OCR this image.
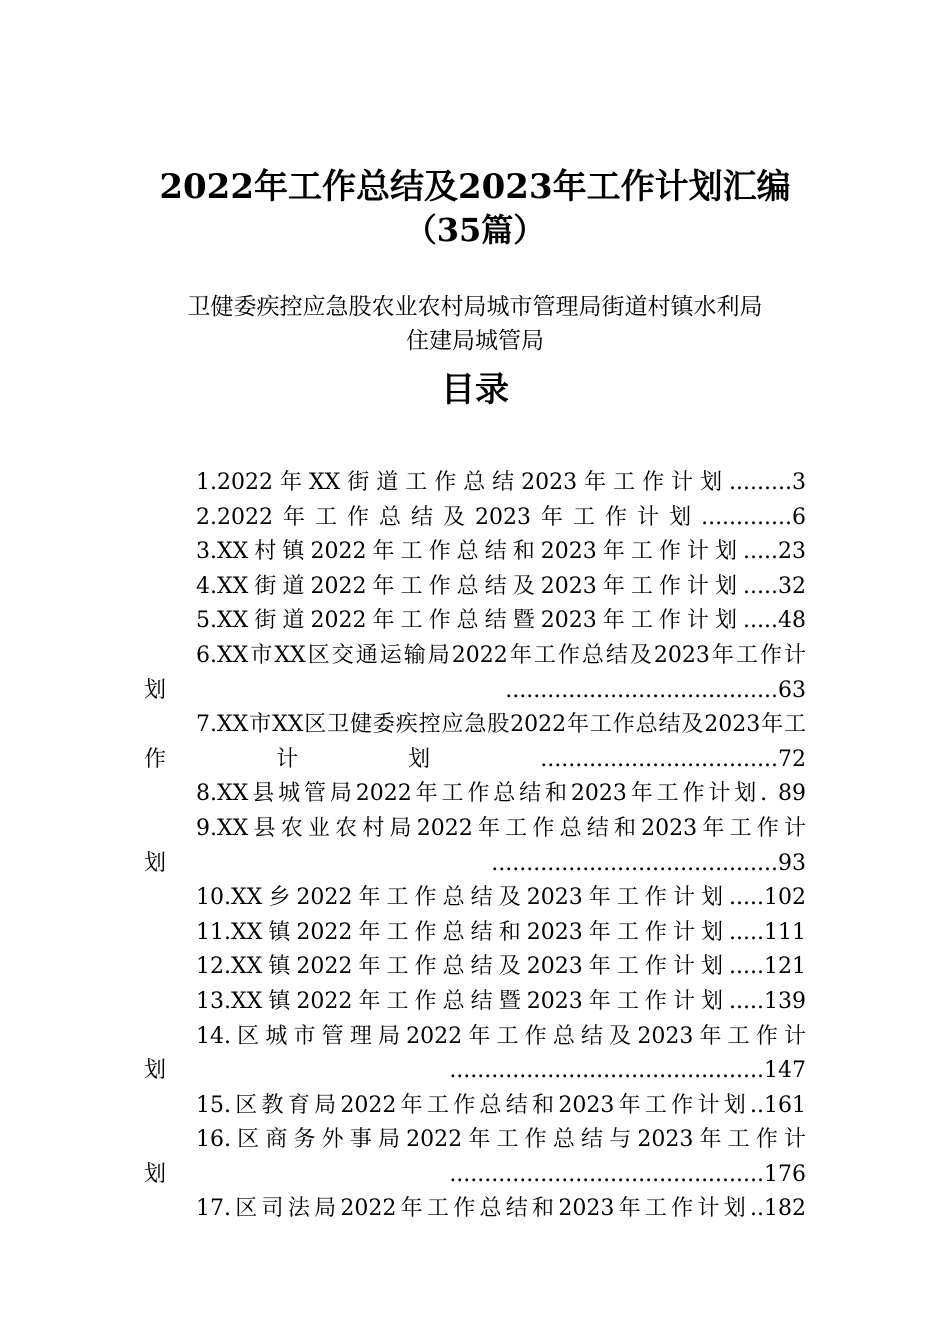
2022年工作总结及2023年工作计划汇编
（35篇）
卫健委疾控应急股农业农村局城市管理局街道村镇水利局
住建局城管局
目录
1.2022年XX街道工作总结2023年工作计划.........3
2.2022年工作总结及2023年工作计划.............6
3.XX村镇2022年工作总结和2023年工作计划.....23
4.XX街道2022年工作总结及2023年工作计划.....32
5.XX街道2022年工作总结暨2023年工作计划.....48
6.XX市XX区交通运输局2022年工作总结及2023年工作计划.......................................63
7.XX市XX区卫健委疾控应急股2022年工作总结及2023年工作计划..................................72
8.XX县城管局2022年工作总结和2023年工作计划. 89
9.XX县农业农村局2022年工作总结和2023年工作计划.........................................93
10.XX乡2022年工作总结及2023年工作计划.....102
11.XX镇2022年工作总结和2023年工作计划.....111
12.XX镇2022年工作总结及2023年工作计划.....121
13.XX镇2022年工作总结暨2023年工作计划.....139
14.区城市管理局2022年工作总结及2023年工作计划.............................................147
15.区教育局2022年工作总结和2023年工作计划..161
16.区商务外事局2022年工作总结与2023年工作计划.............................................176
17.区司法局2022年工作总结和2023年工作计划..182
